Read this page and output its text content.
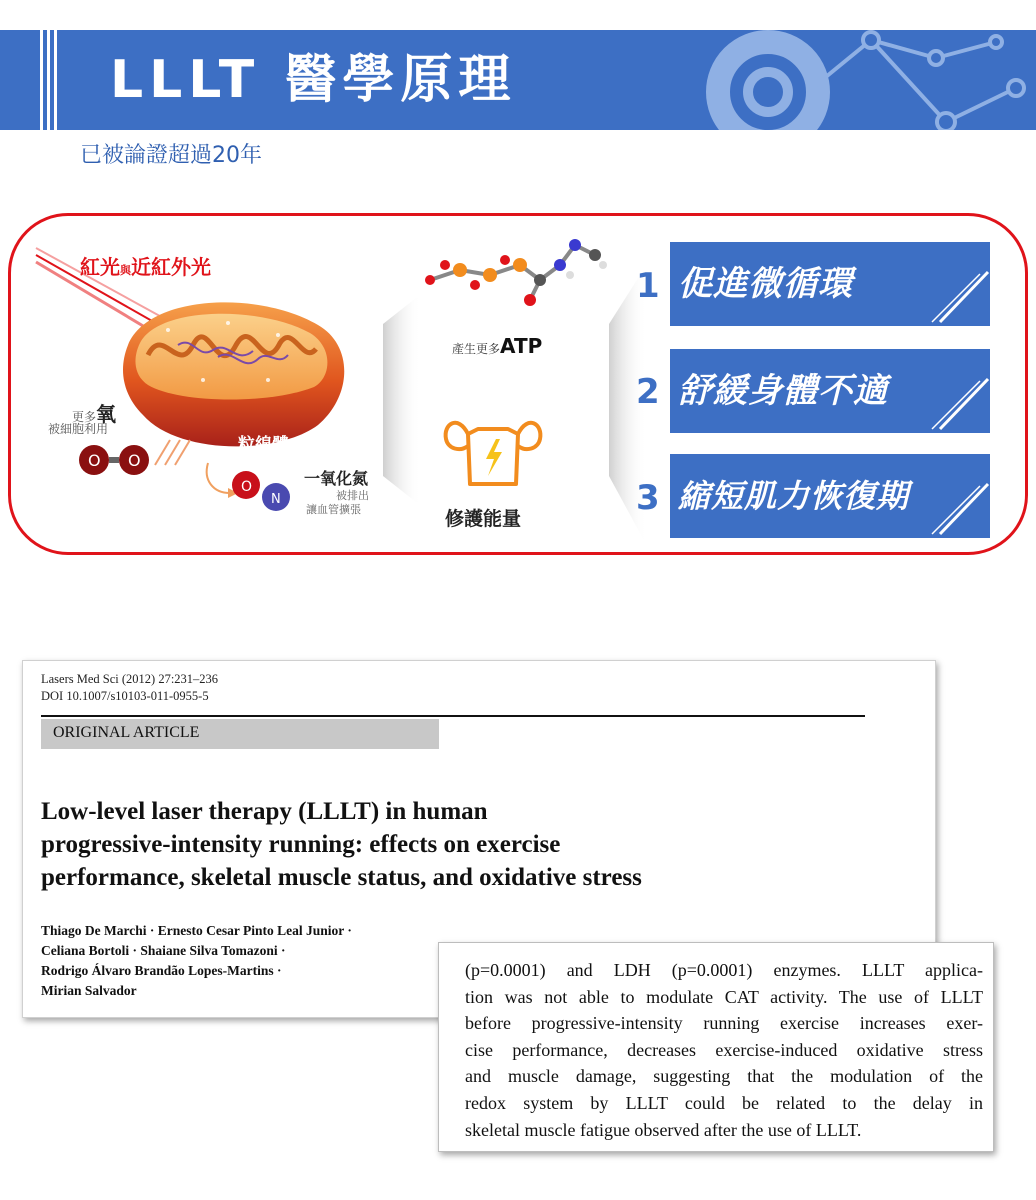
LLLT 醫學原理
已被論證超過20年
O O
O
N
紅光與近紅外光
更多氧
被細胞利用
粒線體
一氧化氮
被排出
讓血管擴張
產生更多ATP
修護能量
1 促進微循環
2 舒緩身體不適
3 縮短肌力恢復期
Lasers Med Sci (2012) 27:231–236
DOI 10.1007/s10103-011-0955-5
ORIGINAL ARTICLE
Low-level laser therapy (LLLT) in human
progressive-intensity running: effects on exercise
performance, skeletal muscle status, and oxidative stress
Thiago De Marchi · Ernesto Cesar Pinto Leal Junior ·
Celiana Bortoli · Shaiane Silva Tomazoni ·
Rodrigo Álvaro Brandão Lopes-Martins ·
Mirian Salvador

(p=0.0001) and LDH (p=0.0001) enzymes. LLLT applica-
tion was not able to modulate CAT activity. The use of LLLT
before progressive-intensity running exercise increases exer-
cise performance, decreases exercise-induced oxidative stress
and muscle damage, suggesting that the modulation of the
redox system by LLLT could be related to the delay in
skeletal muscle fatigue observed after the use of LLLT.
